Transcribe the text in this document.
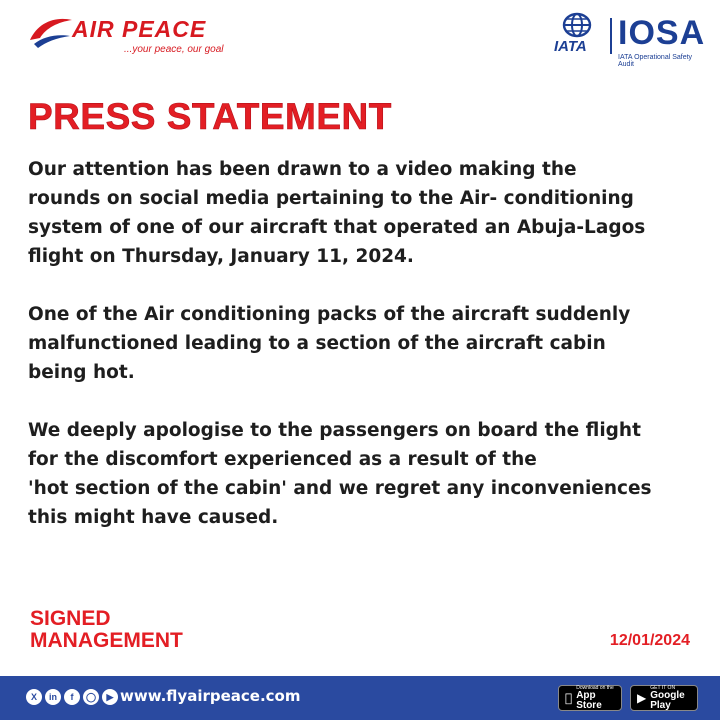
AIR PEACE
...your peace, our goal	IATA IOSA
IATA Operational Safety Audit
PRESS STATEMENT

Our attention has been drawn to a video making the
rounds on social media pertaining to the Air- conditioning
system of one of our aircraft that operated an Abuja-Lagos
flight on Thursday, January 11, 2024.

One of the Air conditioning packs of the aircraft suddenly
malfunctioned leading to a section of the aircraft cabin
being hot.

We deeply apologise to the passengers on board the flight
for the discomfort experienced as a result of the
'hot section of the cabin' and we regret any inconveniences
this might have caused.

SIGNED
MANAGEMENT	12/01/2024
X	in	f	◯	▶ www.flyairpeace.com	Download on the
App Store	▶
GET IT ON
Google Play
